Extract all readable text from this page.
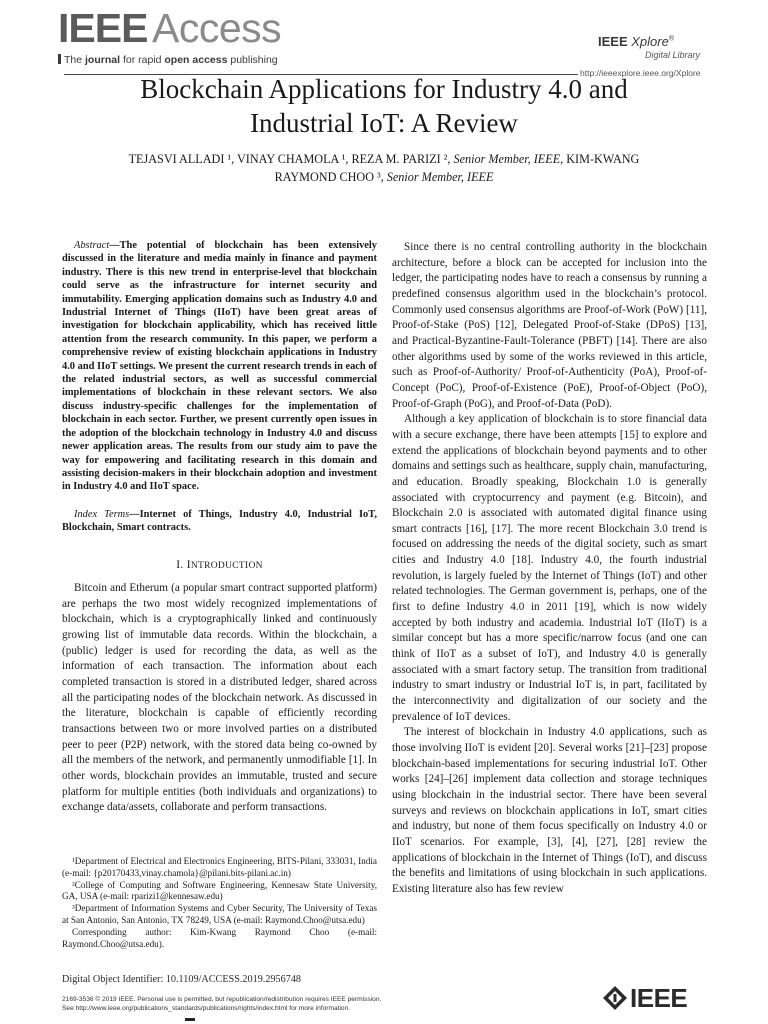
IEEE Access
The journal for rapid open access publishing
IEEE Xplore®
Digital Library
http://ieeexplore.ieee.org/Xplore
Blockchain Applications for Industry 4.0 and
Industrial IoT: A Review
TEJASVI ALLADI ¹, VINAY CHAMOLA ¹, REZA M. PARIZI ², Senior Member, IEEE, KIM-KWANG
RAYMOND CHOO ³, Senior Member, IEEE
Abstract—The potential of blockchain has been extensively discussed in the literature and media mainly in finance and payment industry. There is this new trend in enterprise-level that blockchain could serve as the infrastructure for internet security and immutability. Emerging application domains such as Industry 4.0 and Industrial Internet of Things (IIoT) have been great areas of investigation for blockchain applicability, which has received little attention from the research community. In this paper, we perform a comprehensive review of existing blockchain applications in Industry 4.0 and IIoT settings. We present the current research trends in each of the related industrial sectors, as well as successful commercial implementations of blockchain in these relevant sectors. We also discuss industry-specific challenges for the implementation of blockchain in each sector. Further, we present currently open issues in the adoption of the blockchain technology in Industry 4.0 and discuss newer application areas. The results from our study aim to pave the way for empowering and facilitating research in this domain and assisting decision-makers in their blockchain adoption and investment in Industry 4.0 and IIoT space.
Index Terms—Internet of Things, Industry 4.0, Industrial IoT, Blockchain, Smart contracts.
I. INTRODUCTION

Bitcoin and Etherum (a popular smart contract supported platform) are perhaps the two most widely recognized implementations of blockchain, which is a cryptographically linked and continuously growing list of immutable data records. Within the blockchain, a (public) ledger is used for recording the data, as well as the information of each transaction. The information about each completed transaction is stored in a distributed ledger, shared across all the participating nodes of the blockchain network. As discussed in the literature, blockchain is capable of efficiently recording transactions between two or more involved parties on a distributed peer to peer (P2P) network, with the stored data being co-owned by all the members of the network, and permanently unmodifiable [1]. In other words, blockchain provides an immutable, trusted and secure platform for multiple entities (both individuals and organizations) to exchange data/assets, collaborate and perform transactions.

¹Department of Electrical and Electronics Engineering, BITS-Pilani, 333031, India (e-mail: {p20170433,vinay.chamola}@pilani.bits-pilani.ac.in)
²College of Computing and Software Engineering, Kennesaw State University, GA, USA (e-mail: rparizi1@kennesaw.edu)
³Department of Information Systems and Cyber Security, The University of Texas at San Antonio, San Antonio, TX 78249, USA (e-mail: Raymond.Choo@utsa.edu)
Corresponding author: Kim-Kwang Raymond Choo (e-mail: Raymond.Choo@utsa.edu).

Since there is no central controlling authority in the blockchain architecture, before a block can be accepted for inclusion into the ledger, the participating nodes have to reach a consensus by running a predefined consensus algorithm used in the blockchain’s protocol. Commonly used consensus algorithms are Proof-of-Work (PoW) [11], Proof-of-Stake (PoS) [12], Delegated Proof-of-Stake (DPoS) [13], and Practical-Byzantine-Fault-Tolerance (PBFT) [14]. There are also other algorithms used by some of the works reviewed in this article, such as Proof-of-Authority/ Proof-of-Authenticity (PoA), Proof-of-Concept (PoC), Proof-of-Existence (PoE), Proof-of-Object (PoO), Proof-of-Graph (PoG), and Proof-of-Data (PoD).

Although a key application of blockchain is to store financial data with a secure exchange, there have been attempts [15] to explore and extend the applications of blockchain beyond payments and to other domains and settings such as healthcare, supply chain, manufacturing, and education. Broadly speaking, Blockchain 1.0 is generally associated with cryptocurrency and payment (e.g. Bitcoin), and Blockchain 2.0 is associated with automated digital finance using smart contracts [16], [17]. The more recent Blockchain 3.0 trend is focused on addressing the needs of the digital society, such as smart cities and Industry 4.0 [18]. Industry 4.0, the fourth industrial revolution, is largely fueled by the Internet of Things (IoT) and other related technologies. The German government is, perhaps, one of the first to define Industry 4.0 in 2011 [19], which is now widely accepted by both industry and academia. Industrial IoT (IIoT) is a similar concept but has a more specific/narrow focus (and one can think of IIoT as a subset of IoT), and Industry 4.0 is generally associated with a smart factory setup. The transition from traditional industry to smart industry or Industrial IoT is, in part, facilitated by the interconnectivity and digitalization of our society and the prevalence of IoT devices.

The interest of blockchain in Industry 4.0 applications, such as those involving IIoT is evident [20]. Several works [21]–[23] propose blockchain-based implementations for securing industrial IoT. Other works [24]–[26] implement data collection and storage techniques using blockchain in the industrial sector. There have been several surveys and reviews on blockchain applications in IoT, smart cities and industry, but none of them focus specifically on Industry 4.0 or IIoT scenarios. For example, [3], [4], [27], [28] review the applications of blockchain in the Internet of Things (IoT), and discuss the benefits and limitations of using blockchain in such applications. Existing literature also has few review

Digital Object Identifier: 10.1109/ACCESS.2019.2956748
2169-3536 © 2019 IEEE. Personal use is permitted, but republication/redistribution requires IEEE permission.
See http://www.ieee.org/publications_standards/publications/rights/index.html for more information.	IEEE
